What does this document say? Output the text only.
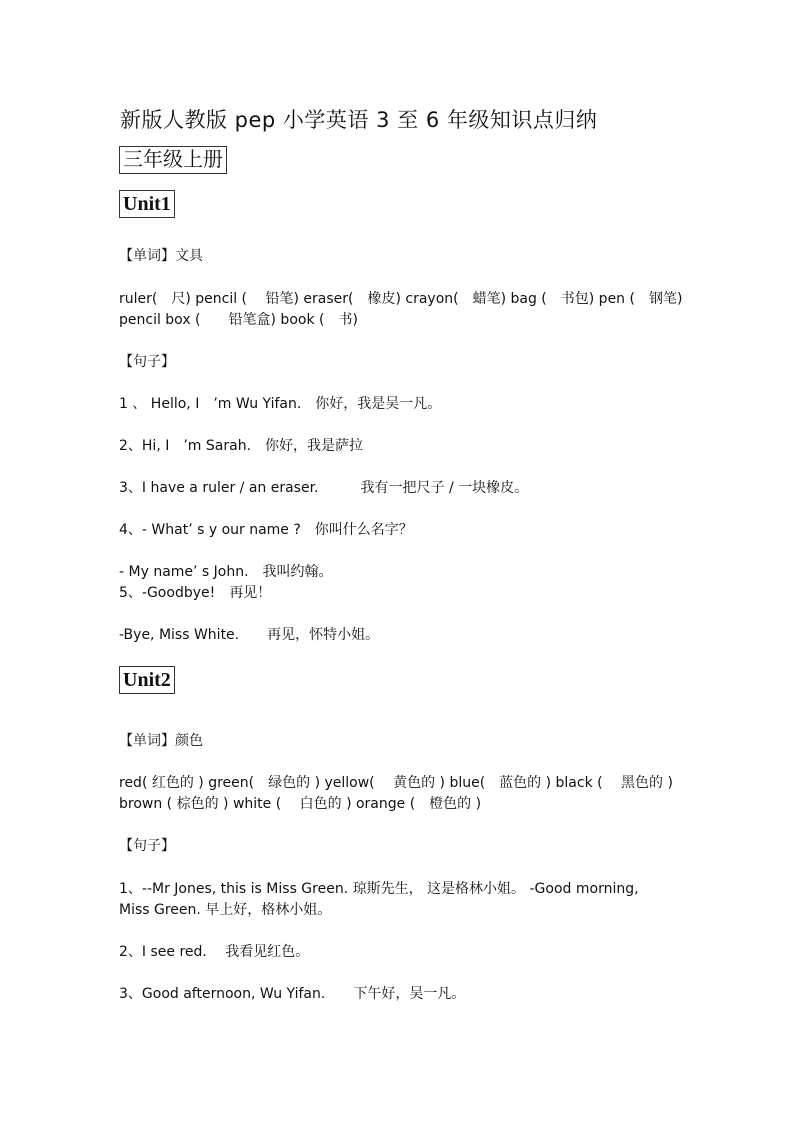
新版人教版 pep 小学英语 3 至 6 年级知识点归纳
三年级上册
Unit1
【单词】文具
ruler(　尺) pencil (　 铅笔) eraser(　橡皮) crayon(　蜡笔) bag (　书包) pen (　钢笔)
pencil box (　　铅笔盒) book (　书)
【句子】
1 、 Hello, I　’m Wu Yifan.　你好，我是吴一凡。
2、Hi, I　’m Sarah.　你好，我是萨拉
3、I have a ruler / an eraser.　　　我有一把尺子 / 一块橡皮。
4、- What’ s y our name ?　你叫什么名字？
- My name’ s John.　我叫约翰。
5、-Goodbye!　再见！
-Bye, Miss White.　　再见，怀特小姐。
Unit2
【单词】颜色
red( 红色的 ) green(　绿色的 ) yellow(　 黄色的 ) blue(　蓝色的 ) black (　 黑色的 )
brown ( 棕色的 ) white (　 白色的 ) orange (　橙色的 )
【句子】
1、--Mr Jones, this is Miss Green. 琼斯先生， 这是格林小姐。 -Good morning,
Miss Green. 早上好，格林小姐。
2、I see red.　 我看见红色。
3、Good afternoon, Wu Yifan.　　下午好，吴一凡。
